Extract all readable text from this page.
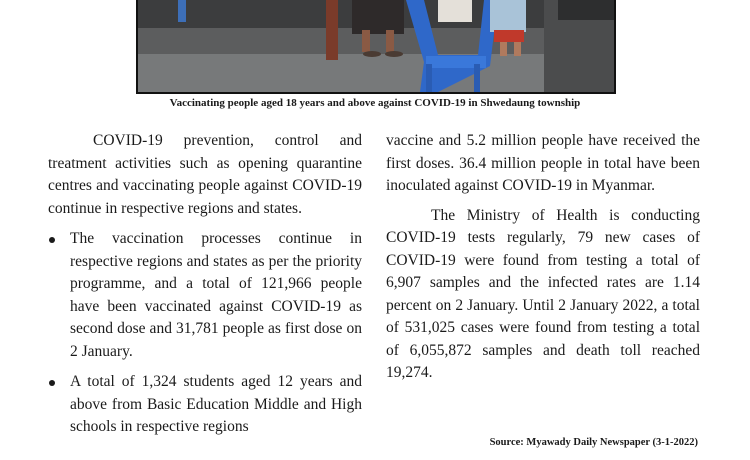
Vaccinating people aged 18 years and above against COVID-19 in Shwedaung township

COVID-19 prevention, control and treatment activities such as opening quarantine centres and vaccinating people against COVID-19 continue in respective regions and states.

The vaccination processes continue in respective regions and states as per the priority programme, and a total of 121,966 people have been vaccinated against COVID-19 as second dose and 31,781 people as first dose on 2 January.
A total of 1,324 students aged 12 years and above from Basic Education Middle and High schools in respective regions

vaccine and 5.2 million people have received the first doses. 36.4 million people in total have been inoculated against COVID-19 in Myanmar.

The Ministry of Health is conducting COVID-19 tests regularly, 79 new cases of COVID-19 were found from testing a total of 6,907 samples and the infected rates are 1.14 percent on 2 January. Until 2 January 2022, a total of 531,025 cases were found from testing a total of 6,055,872 samples and death toll reached 19,274.

Source: Myawady Daily Newspaper (3-1-2022)
